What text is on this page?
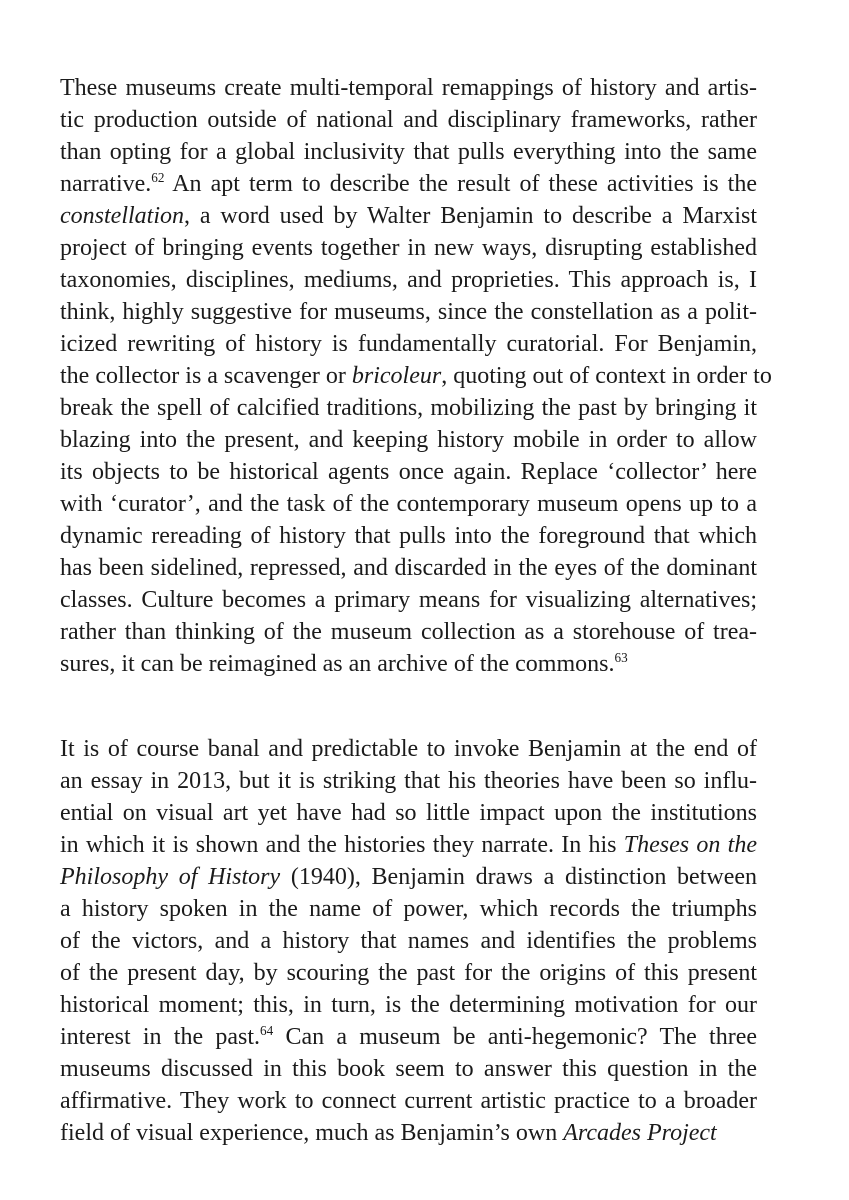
These museums create multi-temporal remappings of history and artis-
tic production outside of national and disciplinary frameworks, rather
than opting for a global inclusivity that pulls everything into the same
narrative.$^{62}$ An apt term to describe the result of these activities is the
constellation, a word used by Walter Benjamin to describe a Marxist
project of bringing events together in new ways, disrupting established
taxonomies, disciplines, mediums, and proprieties. This approach is, I
think, highly suggestive for museums, since the constellation as a polit-
icized rewriting of history is fundamentally curatorial. For Benjamin,
the collector is a scavenger or bricoleur, quoting out of context in order to
break the spell of calcified traditions, mobilizing the past by bringing it
blazing into the present, and keeping history mobile in order to allow
its objects to be historical agents once again. Replace ‘collector’ here
with ‘curator’, and the task of the contemporary museum opens up to a
dynamic rereading of history that pulls into the foreground that which
has been sidelined, repressed, and discarded in the eyes of the dominant
classes. Culture becomes a primary means for visualizing alternatives;
rather than thinking of the museum collection as a storehouse of trea-
sures, it can be reimagined as an archive of the commons.$^{63}$
It is of course banal and predictable to invoke Benjamin at the end of
an essay in 2013, but it is striking that his theories have been so influ-
ential on visual art yet have had so little impact upon the institutions
in which it is shown and the histories they narrate. In his Theses on the
Philosophy of History (1940), Benjamin draws a distinction between
a history spoken in the name of power, which records the triumphs
of the victors, and a history that names and identifies the problems
of the present day, by scouring the past for the origins of this present
historical moment; this, in turn, is the determining motivation for our
interest in the past.$^{64}$ Can a museum be anti-hegemonic? The three
museums discussed in this book seem to answer this question in the
affirmative. They work to connect current artistic practice to a broader
field of visual experience, much as Benjamin’s own Arcades Project
